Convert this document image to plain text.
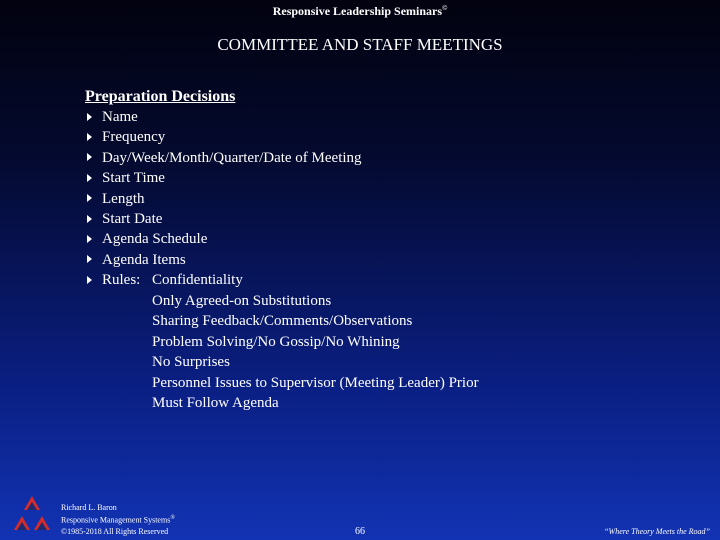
Responsive Leadership Seminars©
COMMITTEE AND STAFF MEETINGS
Preparation Decisions
Name
Frequency
Day/Week/Month/Quarter/Date of Meeting
Start Time
Length
Start Date
Agenda Schedule
Agenda Items
Rules: Confidentiality
Only Agreed-on Substitutions
Sharing Feedback/Comments/Observations
Problem Solving/No Gossip/No Whining
No Surprises
Personnel Issues to Supervisor (Meeting Leader) Prior
Must Follow Agenda
Richard L. Baron
Responsive Management Systems®
©1985-2018 All Rights Reserved	66	“Where Theory Meets the Road”
